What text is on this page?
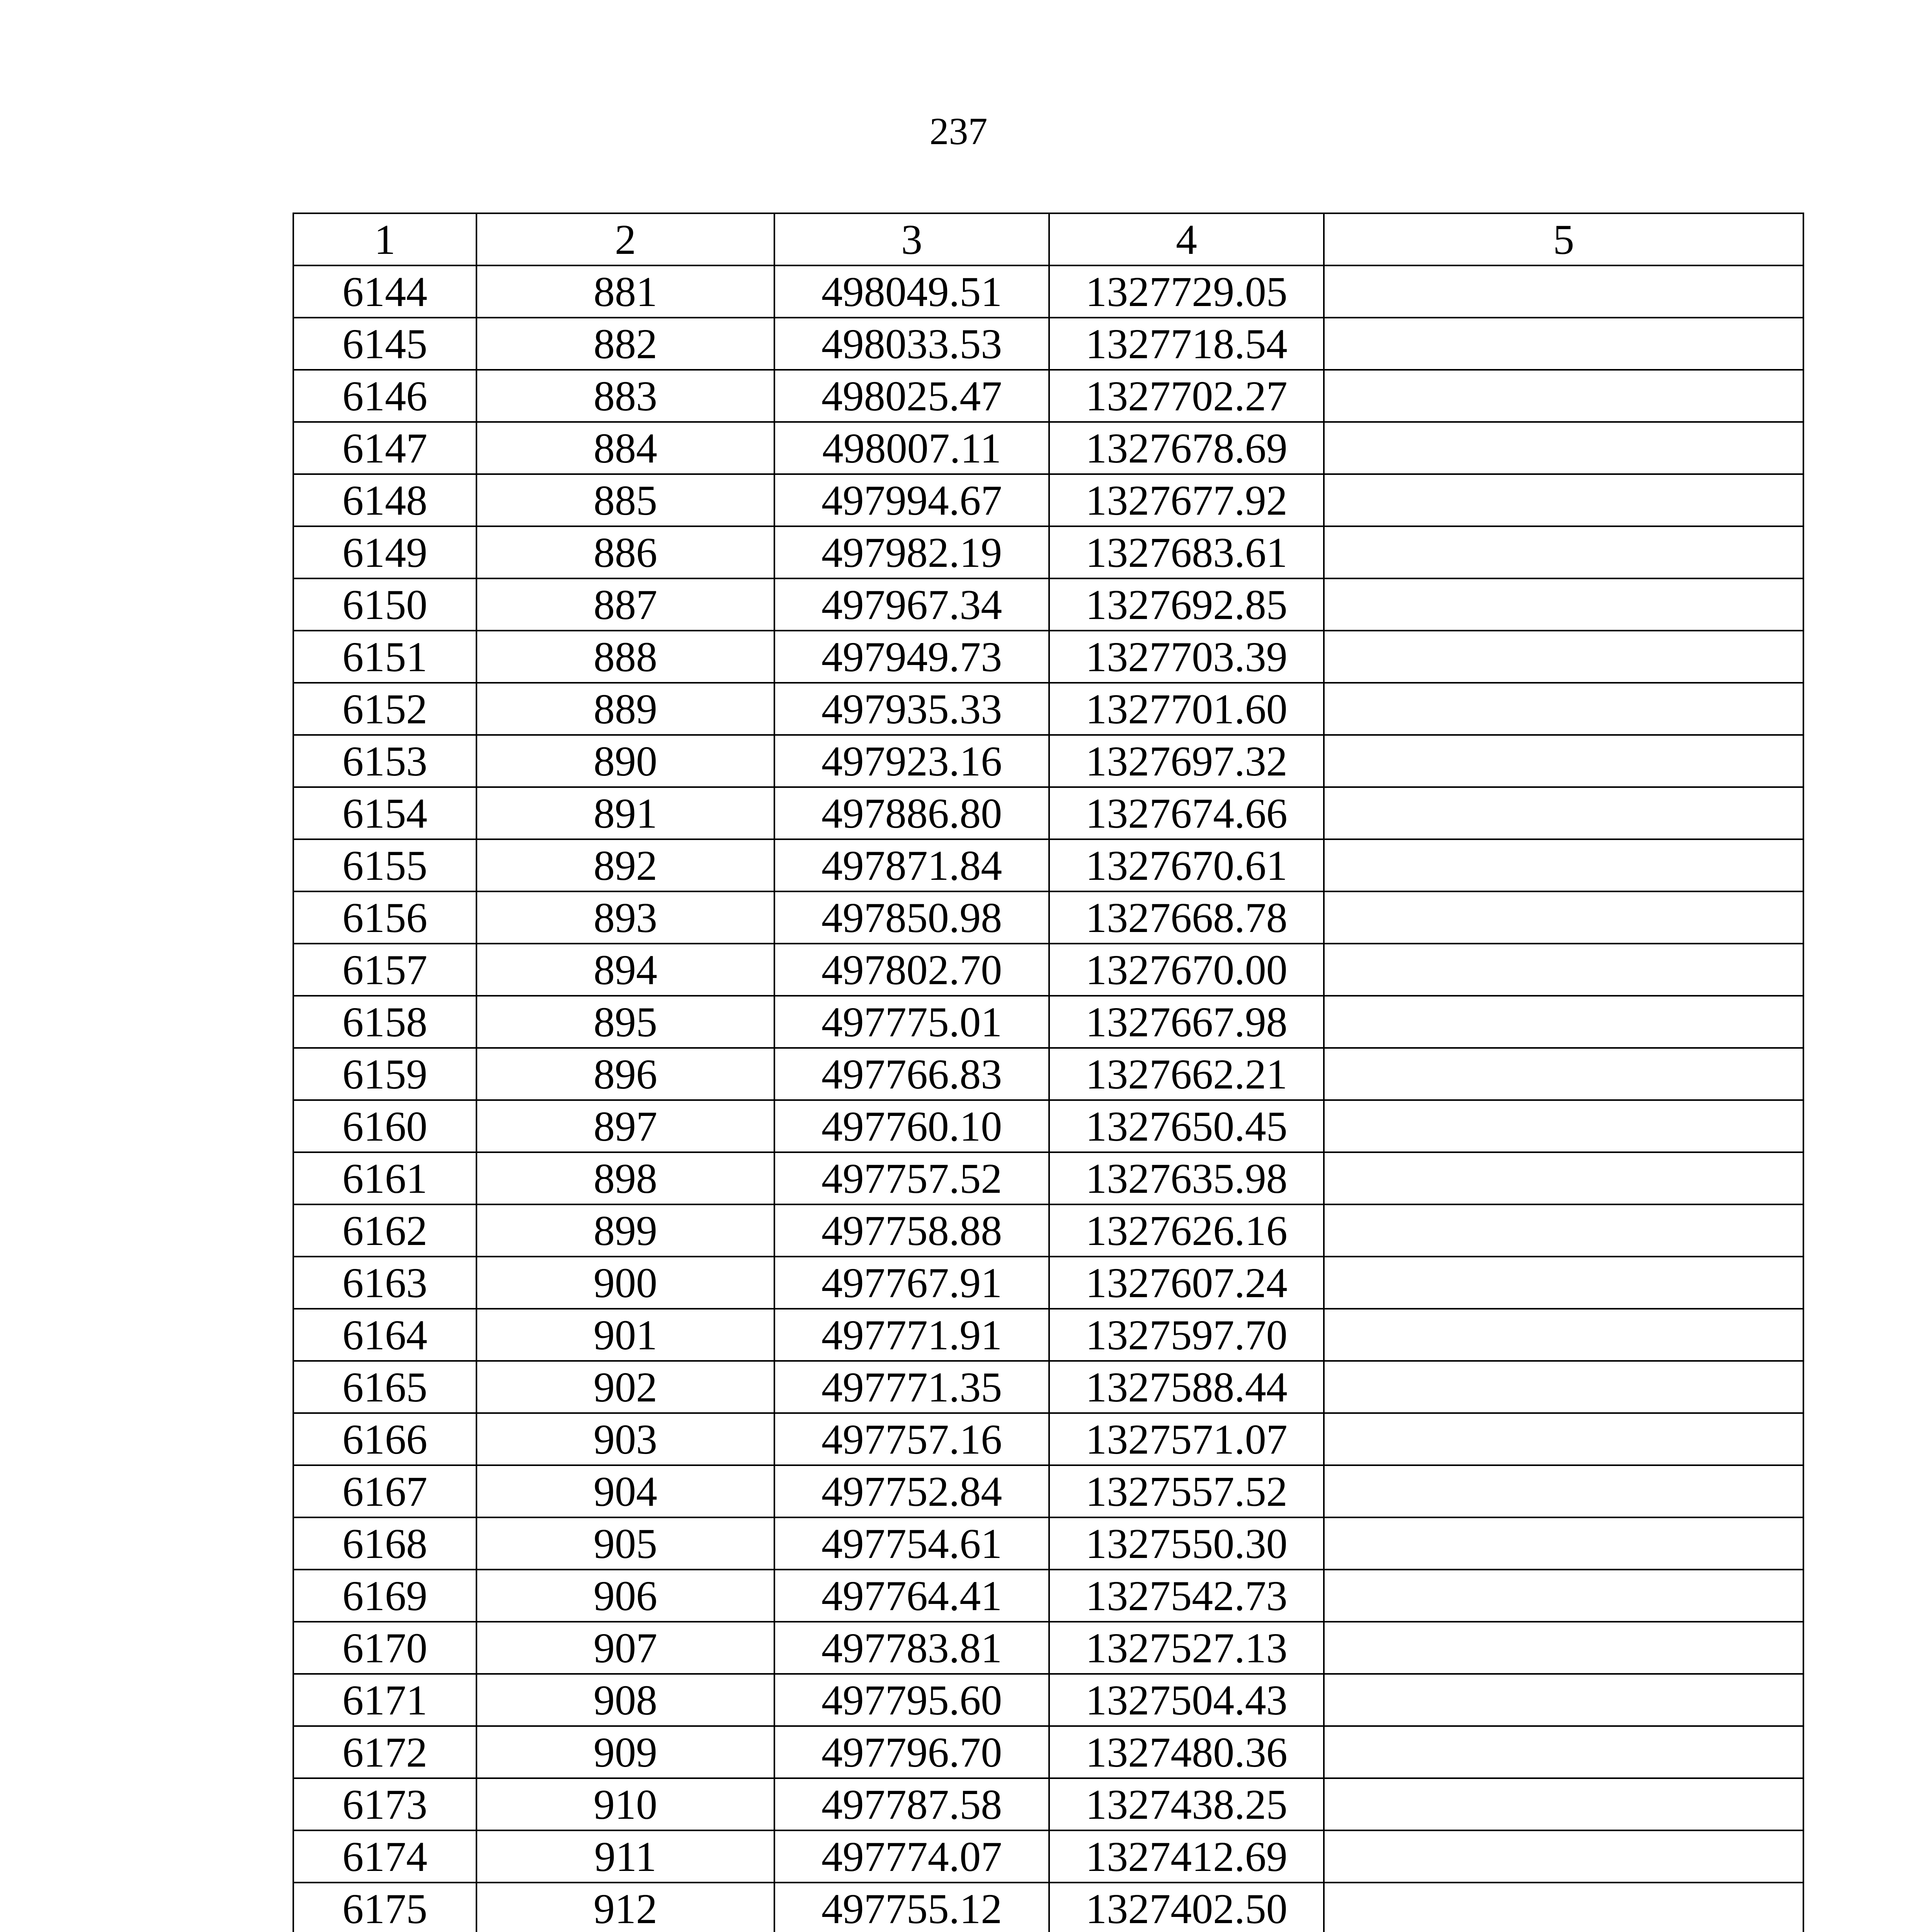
237
1	2	3	4	5
6144	881	498049.51	1327729.05	
6145	882	498033.53	1327718.54	
6146	883	498025.47	1327702.27	
6147	884	498007.11	1327678.69	
6148	885	497994.67	1327677.92	
6149	886	497982.19	1327683.61	
6150	887	497967.34	1327692.85	
6151	888	497949.73	1327703.39	
6152	889	497935.33	1327701.60	
6153	890	497923.16	1327697.32	
6154	891	497886.80	1327674.66	
6155	892	497871.84	1327670.61	
6156	893	497850.98	1327668.78	
6157	894	497802.70	1327670.00	
6158	895	497775.01	1327667.98	
6159	896	497766.83	1327662.21	
6160	897	497760.10	1327650.45	
6161	898	497757.52	1327635.98	
6162	899	497758.88	1327626.16	
6163	900	497767.91	1327607.24	
6164	901	497771.91	1327597.70	
6165	902	497771.35	1327588.44	
6166	903	497757.16	1327571.07	
6167	904	497752.84	1327557.52	
6168	905	497754.61	1327550.30	
6169	906	497764.41	1327542.73	
6170	907	497783.81	1327527.13	
6171	908	497795.60	1327504.43	
6172	909	497796.70	1327480.36	
6173	910	497787.58	1327438.25	
6174	911	497774.07	1327412.69	
6175	912	497755.12	1327402.50	
